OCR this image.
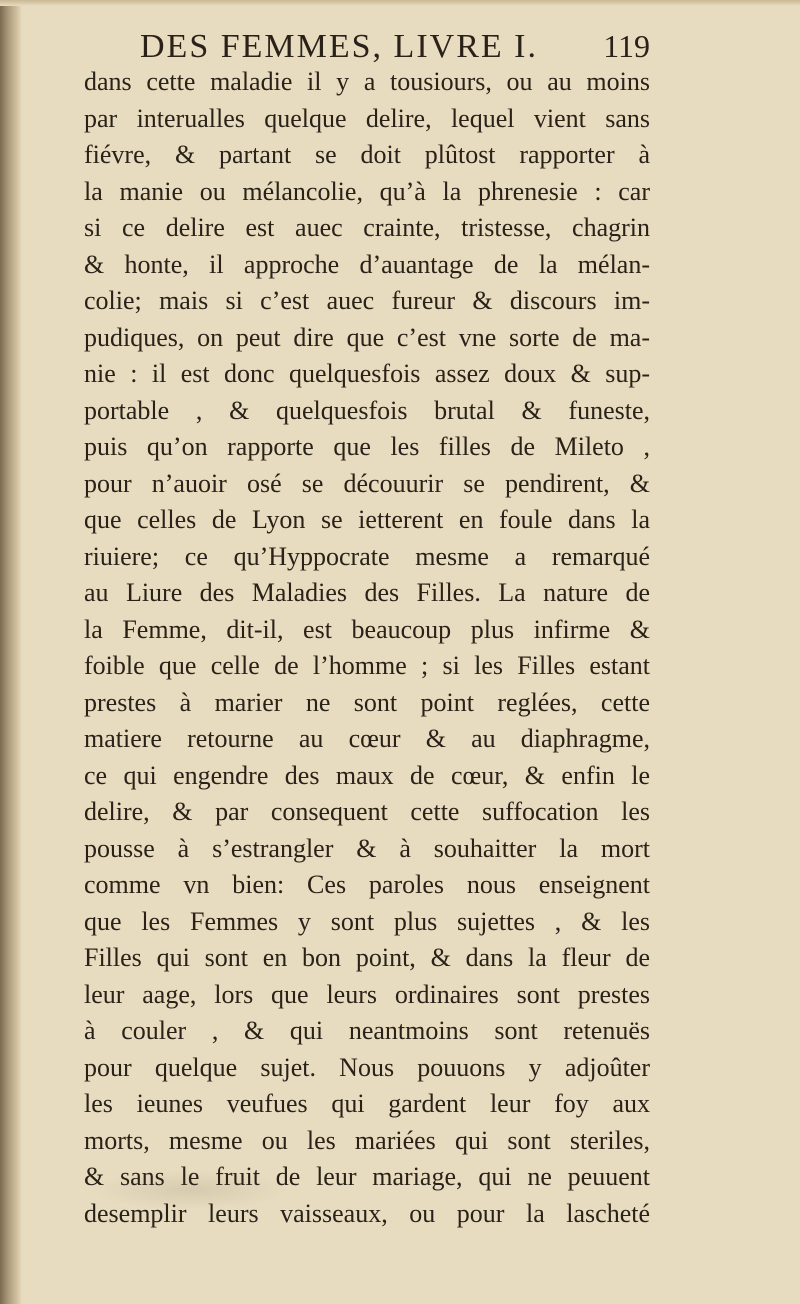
DES FEMMES, LIVRE I. 119
dans cette maladie il y a tousiours, ou au moins
par interualles quelque delire, lequel vient sans
fiévre, & partant se doit plûtost rapporter à
la manie ou mélancolie, qu’à la phrenesie : car
si ce delire est auec crainte, tristesse, chagrin
& honte, il approche d’auantage de la mélan-
colie; mais si c’est auec fureur & discours im-
pudiques, on peut dire que c’est vne sorte de ma-
nie : il est donc quelquesfois assez doux & sup-
portable , & quelquesfois brutal & funeste,
puis qu’on rapporte que les filles de Mileto ,
pour n’auoir osé se découurir se pendirent, &
que celles de Lyon se ietterent en foule dans la
riuiere; ce qu’Hyppocrate mesme a remarqué
au Liure des Maladies des Filles. La nature de
la Femme, dit-il, est beaucoup plus infirme &
foible que celle de l’homme ; si les Filles estant
prestes à marier ne sont point reglées, cette
matiere retourne au cœur & au diaphragme,
ce qui engendre des maux de cœur, & enfin le
delire, & par consequent cette suffocation les
pousse à s’estrangler & à souhaitter la mort
comme vn bien: Ces paroles nous enseignent
que les Femmes y sont plus sujettes , & les
Filles qui sont en bon point, & dans la fleur de
leur aage, lors que leurs ordinaires sont prestes
à couler , & qui neantmoins sont retenuës
pour quelque sujet. Nous pouuons y adjoûter
les ieunes veufues qui gardent leur foy aux
morts, mesme ou les mariées qui sont steriles,
& sans le fruit de leur mariage, qui ne peuuent
desemplir leurs vaisseaux, ou pour la lascheté
